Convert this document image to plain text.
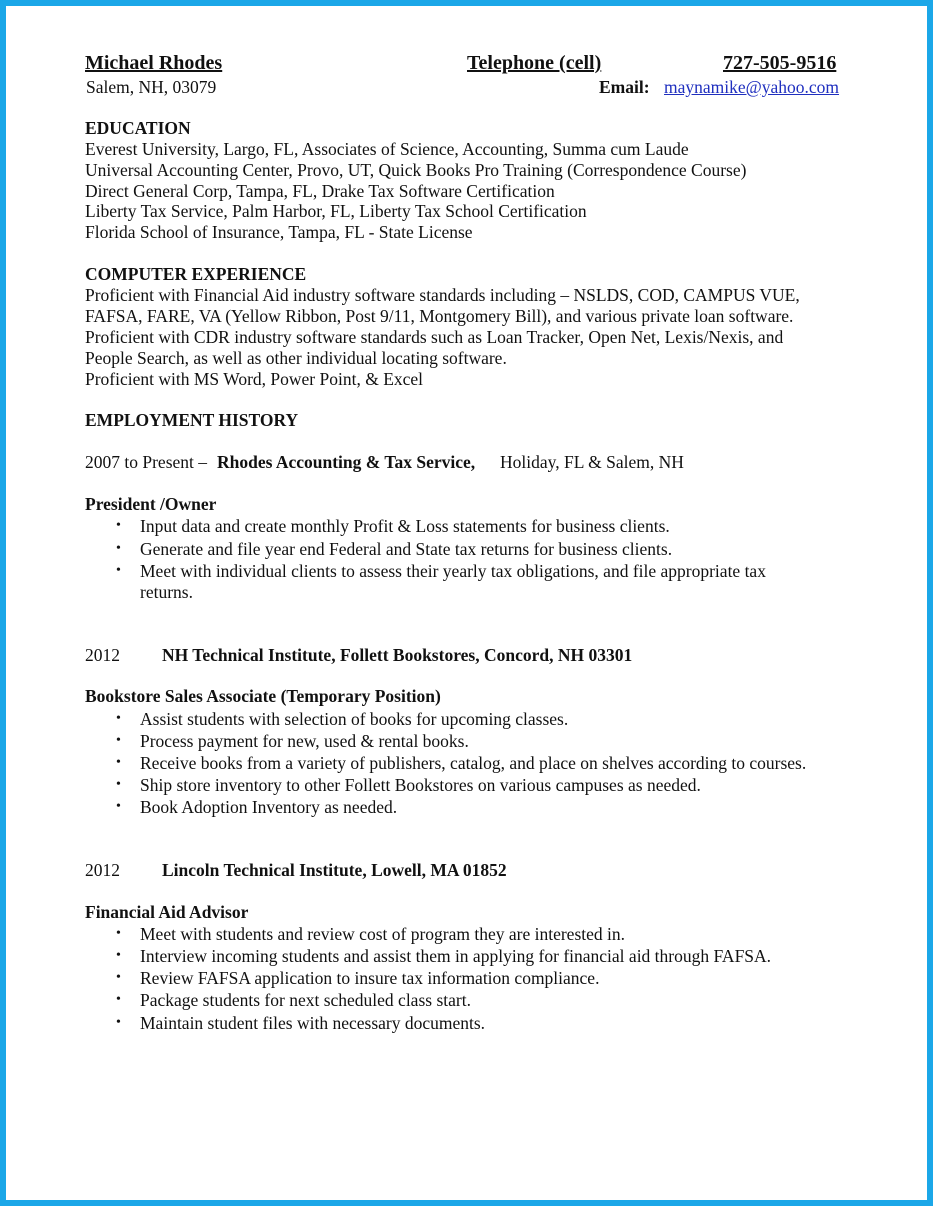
Michael Rhodes	Telephone (cell)	727-505-9516
Salem, NH, 03079	Email: maynamike@yahoo.com
EDUCATION
Everest University, Largo, FL, Associates of Science, Accounting, Summa cum Laude
Universal Accounting Center, Provo, UT, Quick Books Pro Training (Correspondence Course)
Direct General Corp, Tampa, FL, Drake Tax Software Certification
Liberty Tax Service, Palm Harbor, FL, Liberty Tax School Certification
Florida School of Insurance, Tampa, FL - State License
COMPUTER EXPERIENCE
Proficient with Financial Aid industry software standards including – NSLDS, COD, CAMPUS VUE,
FAFSA, FARE, VA (Yellow Ribbon, Post 9/11, Montgomery Bill), and various private loan software.
Proficient with CDR industry software standards such as Loan Tracker, Open Net, Lexis/Nexis, and
People Search, as well as other individual locating software.
Proficient with MS Word, Power Point, & Excel
EMPLOYMENT HISTORY
2007 to Present – Rhodes Accounting & Tax Service, Holiday, FL & Salem, NH
President /Owner
• Input data and create monthly Profit & Loss statements for business clients.
• Generate and file year end Federal and State tax returns for business clients.
• Meet with individual clients to assess their yearly tax obligations, and file appropriate tax
returns.
2012 NH Technical Institute, Follett Bookstores, Concord, NH 03301
Bookstore Sales Associate (Temporary Position)
• Assist students with selection of books for upcoming classes.
• Process payment for new, used & rental books.
• Receive books from a variety of publishers, catalog, and place on shelves according to courses.
• Ship store inventory to other Follett Bookstores on various campuses as needed.
• Book Adoption Inventory as needed.
2012 Lincoln Technical Institute, Lowell, MA 01852
Financial Aid Advisor
• Meet with students and review cost of program they are interested in.
• Interview incoming students and assist them in applying for financial aid through FAFSA.
• Review FAFSA application to insure tax information compliance.
• Package students for next scheduled class start.
• Maintain student files with necessary documents.
